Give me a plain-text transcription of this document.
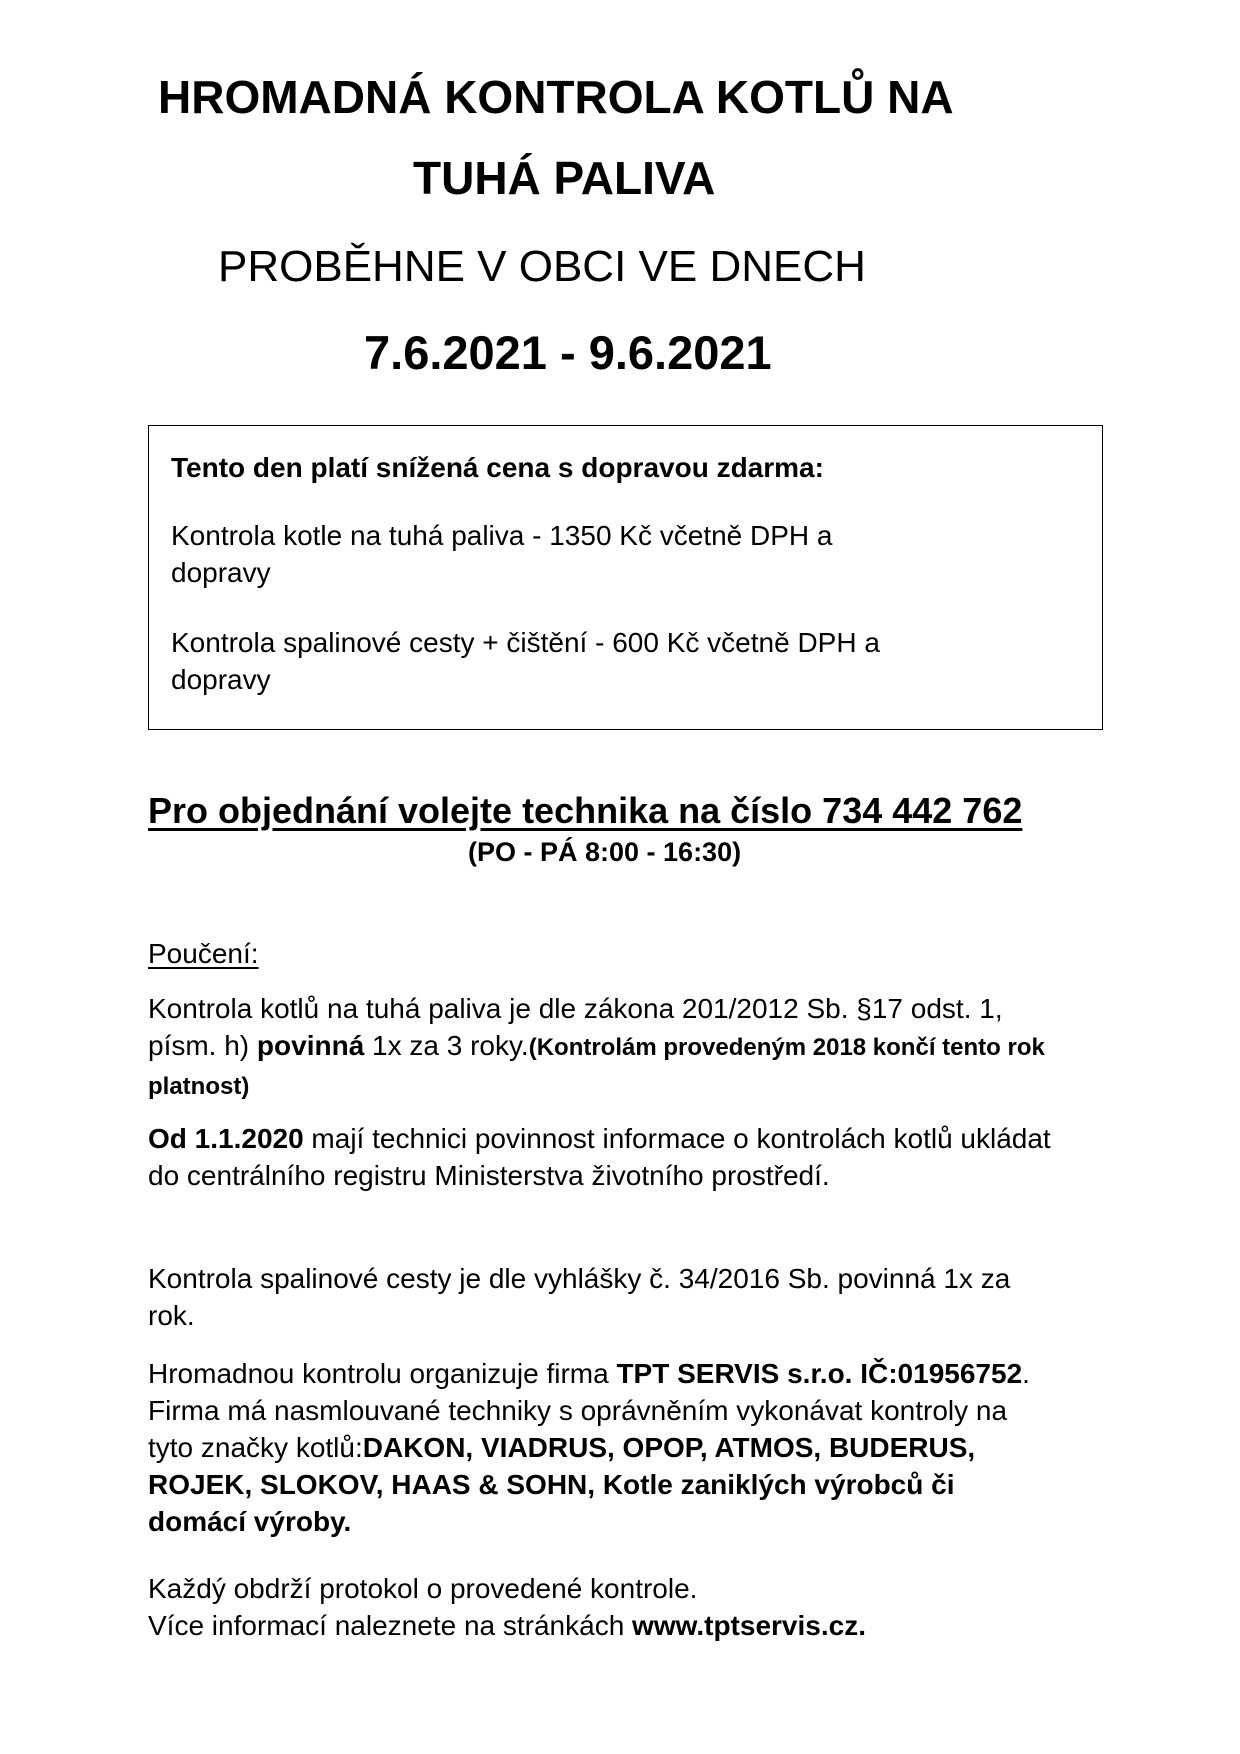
HROMADNÁ KONTROLA KOTLŮ NA
TUHÁ PALIVA
PROBĚHNE V OBCI VE DNECH
7.6.2021 - 9.6.2021
Tento den platí snížená cena s dopravou zdarma:
Kontrola kotle na tuhá paliva - 1350 Kč včetně DPH a
dopravy
Kontrola spalinové cesty + čištění - 600 Kč včetně DPH a
dopravy
Pro objednání volejte technika na číslo 734 442 762
(PO - PÁ 8:00 - 16:30)
Poučení:
Kontrola kotlů na tuhá paliva je dle zákona 201/2012 Sb. §17 odst. 1,
písm. h) povinná 1x za 3 roky.(Kontrolám provedeným 2018 končí tento rok
platnost)
Od 1.1.2020 mají technici povinnost informace o kontrolách kotlů ukládat
do centrálního registru Ministerstva životního prostředí.
Kontrola spalinové cesty je dle vyhlášky č. 34/2016 Sb. povinná 1x za
rok.
Hromadnou kontrolu organizuje firma TPT SERVIS s.r.o. IČ:01956752.
Firma má nasmlouvané techniky s oprávněním vykonávat kontroly na
tyto značky kotlů:DAKON, VIADRUS, OPOP, ATMOS, BUDERUS,
ROJEK, SLOKOV, HAAS & SOHN, Kotle zaniklých výrobců či
domácí výroby.
Každý obdrží protokol o provedené kontrole.
Více informací naleznete na stránkách www.tptservis.cz.
